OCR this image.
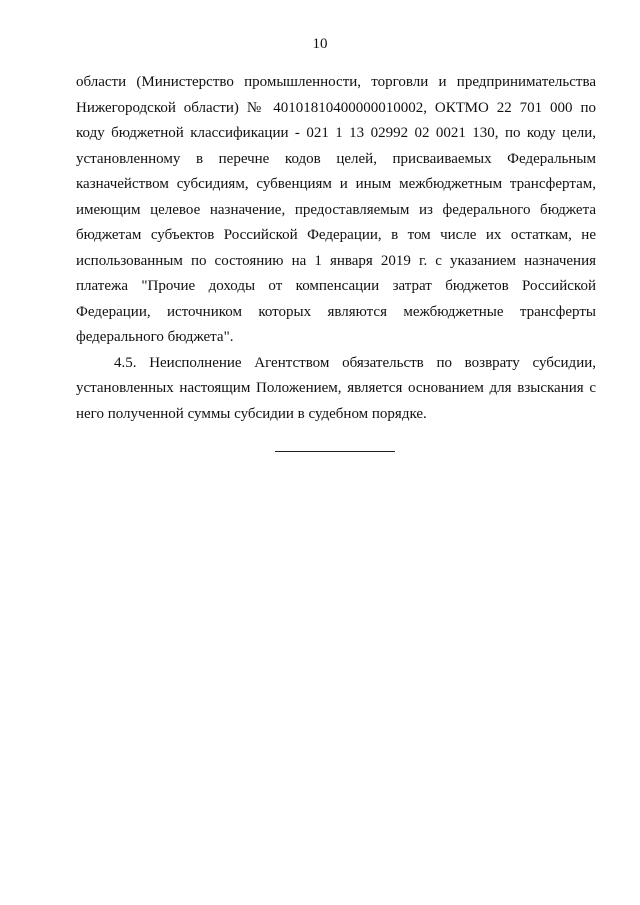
10

области (Министерство промышленности, торговли и предпринимательства
Нижегородской области) № 40101810400000010002, ОКТМО 22 701 000 по
коду бюджетной классификации - 021 1 13 02992 02 0021 130, по коду цели,
установленному в перечне кодов целей, присваиваемых Федеральным
казначейством субсидиям, субвенциям и иным межбюджетным трансфертам,
имеющим целевое назначение, предоставляемым из федерального бюджета
бюджетам субъектов Российской Федерации, в том числе их остаткам, не
использованным по состоянию на 1 января 2019 г. с указанием назначения
платежа "Прочие доходы от компенсации затрат бюджетов Российской
Федерации, источником которых являются межбюджетные трансферты
федерального бюджета".

4.5. Неисполнение Агентством обязательств по возврату субсидии,
установленных настоящим Положением, является основанием для взыскания с
него полученной суммы субсидии в судебном порядке.
